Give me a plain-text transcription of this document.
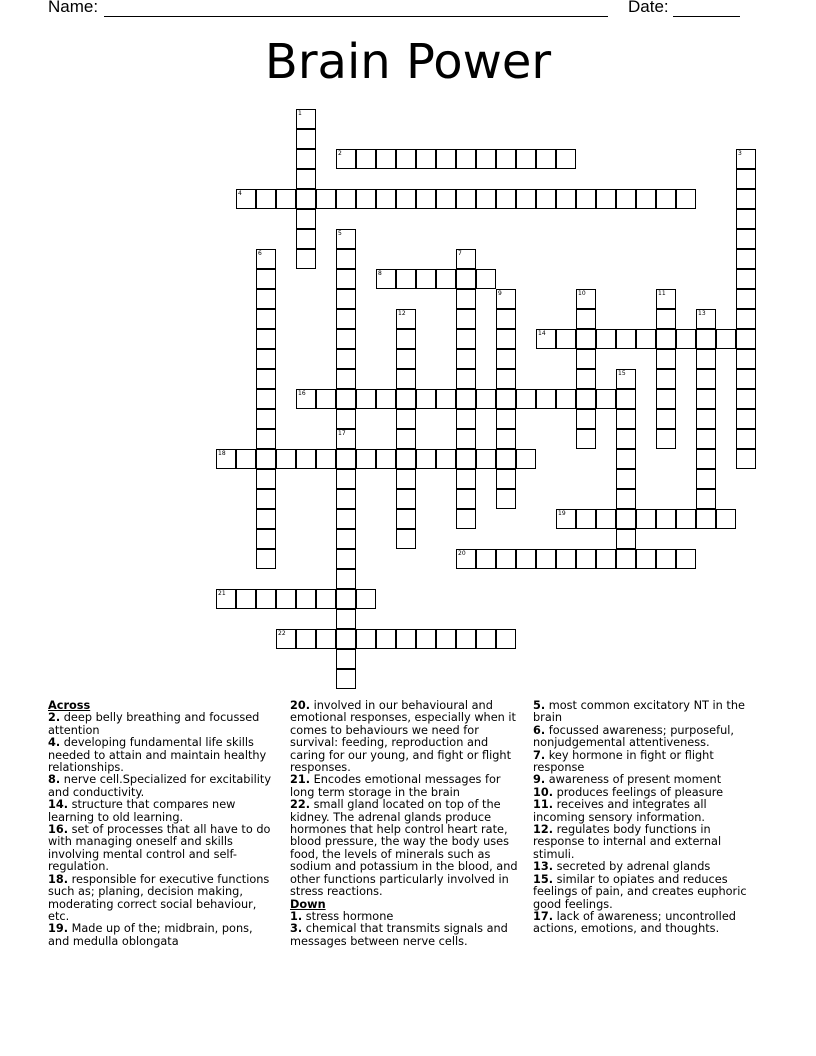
Name:	Date:
Brain Power
1
2	3
4
5
6	7
8
9	10	11
12	13
14
15
16
17
18
19
20
21
22
Across
2. deep belly breathing and focussed attention
4. developing fundamental life skills needed to attain and maintain healthy relationships.
8. nerve cell.Specialized for excitability and conductivity.
14. structure that compares new learning to old learning.
16. set of processes that all have to do with managing oneself and skills involving mental control and self-regulation.
18. responsible for executive functions such as; planing, decision making, moderating correct social behaviour, etc.
19. Made up of the; midbrain, pons, and medulla oblongata
20. involved in our behavioural and emotional responses, especially when it comes to behaviours we need for survival: feeding, reproduction and caring for our young, and fight or flight responses.
21. Encodes emotional messages for long term storage in the brain
22. small gland located on top of the kidney. The adrenal glands produce hormones that help control heart rate, blood pressure, the way the body uses food, the levels of minerals such as sodium and potassium in the blood, and other functions particularly involved in stress reactions.
Down
1. stress hormone
3. chemical that transmits signals and messages between nerve cells.
5. most common excitatory NT in the brain
6. focussed awareness; purposeful, nonjudgemental attentiveness.
7. key hormone in fight or flight response
9. awareness of present moment
10. produces feelings of pleasure
11. receives and integrates all incoming sensory information.
12. regulates body functions in response to internal and external stimuli.
13. secreted by adrenal glands
15. similar to opiates and reduces feelings of pain, and creates euphoric good feelings.
17. lack of awareness; uncontrolled actions, emotions, and thoughts.
